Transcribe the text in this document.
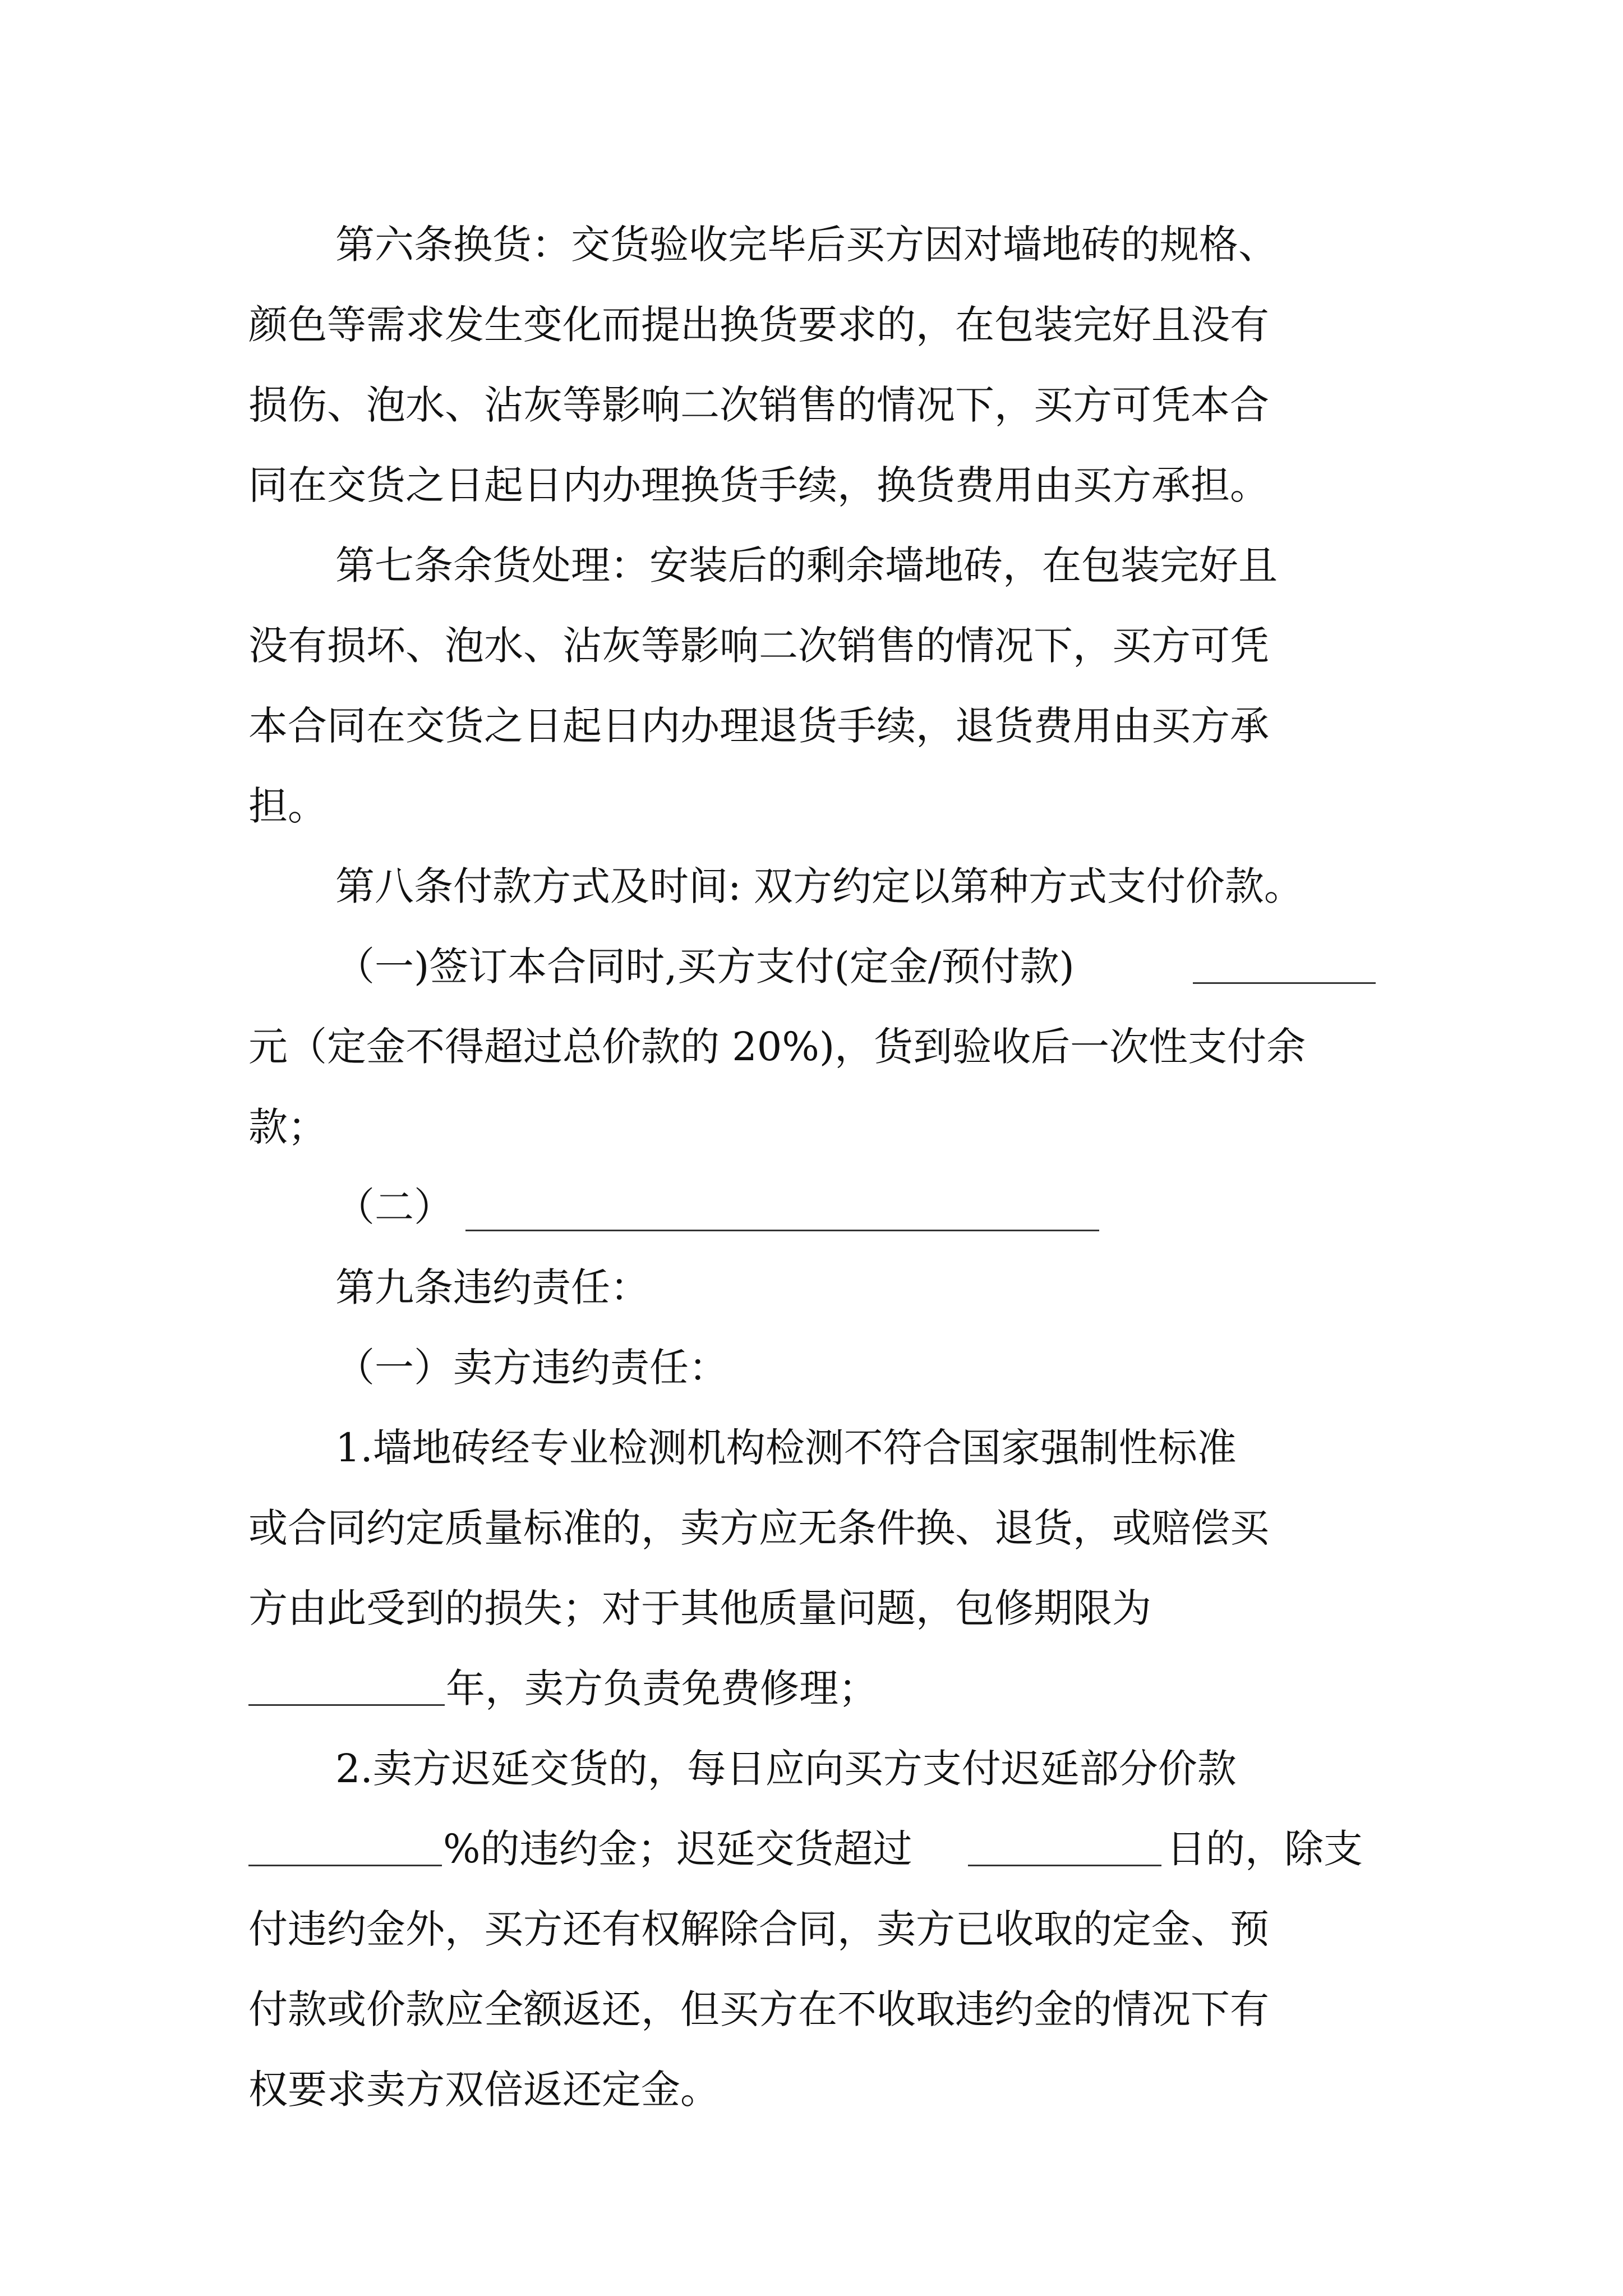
第六条换货：交货验收完毕后买方因对墙地砖的规格、
颜色等需求发生变化而提出换货要求的，在包装完好且没有
损伤、泡水、沾灰等影响二次销售的情况下，买方可凭本合
同在交货之日起日内办理换货手续，换货费用由买方承担。
第七条余货处理：安装后的剩余墙地砖，在包装完好且
没有损坏、泡水、沾灰等影响二次销售的情况下，买方可凭
本合同在交货之日起日内办理退货手续，退货费用由买方承
担。
第八条付款方式及时间: 双方约定以第种方式支付价款。
（一)签订本合同时,买方支付(定金/预付款)
元（定金不得超过总价款的 20%)，货到验收后一次性支付余
款；
（二）
第九条违约责任：
（一）卖方违约责任：
1.墙地砖经专业检测机构检测不符合国家强制性标准
或合同约定质量标准的，卖方应无条件换、退货，或赔偿买
方由此受到的损失；对于其他质量问题，包修期限为
年，卖方负责免费修理；
2.卖方迟延交货的，每日应向买方支付迟延部分价款
%的违约金；迟延交货超过	日的，除支
付违约金外，买方还有权解除合同，卖方已收取的定金、预
付款或价款应全额返还，但买方在不收取违约金的情况下有
权要求卖方双倍返还定金。
